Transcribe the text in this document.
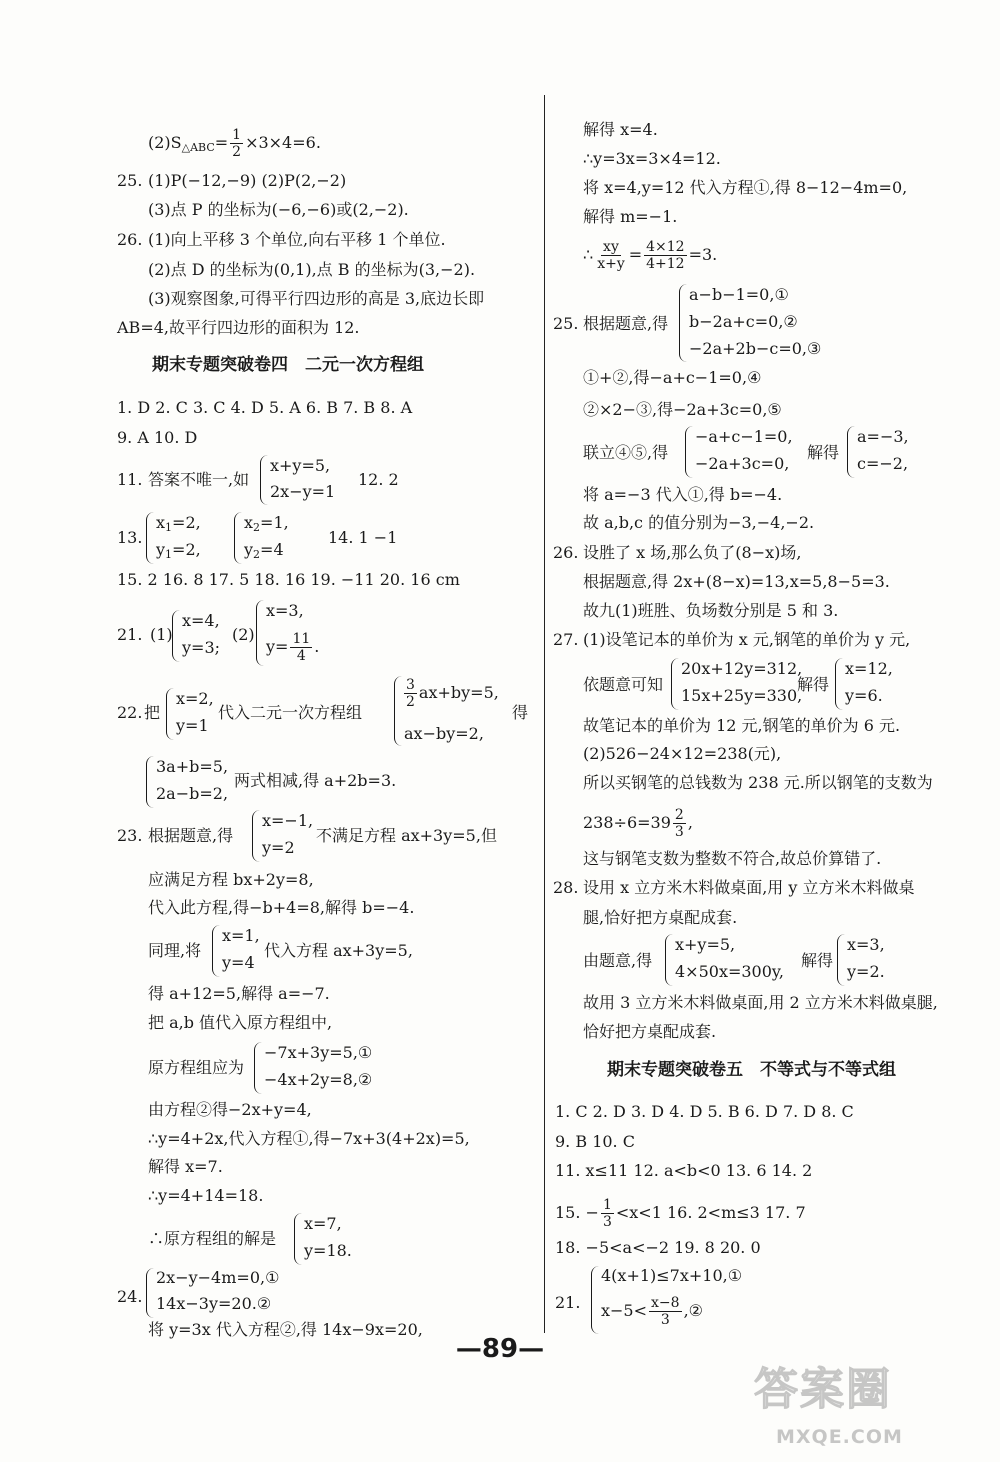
$(2)S_{\triangle ABC}= \frac{1}{2} \times 3\times 4=6$.
25. (1)P(−12,−9) (2)P(2,−2)
(3)点 P 的坐标为(−6,−6)或(2,−2).
26. (1)向上平移 3 个单位,向右平移 1 个单位.
(2)点 D 的坐标为(0,1),点 B 的坐标为(3,−2).
(3)观察图象,可得平行四边形的高是 3,底边长即
AB=4,故平行四边形的面积为 12.
期末专题突破卷四　二元一次方程组
1. D 2. C 3. C 4. D 5. A 6. B 7. B 8. A
9. A 10. D
11. 答案不唯一,如
x+y=5,
2x−y=1
12. 2
13.
$x_1=2$,
$y_1=2$,
$x_2=1$,
$y_2=4$
14. 1 −1
15. 2 16. 8 17. 5 18. 16 19. −11 20. 16 cm
21. (1)
x=4,
y=3;
(2)
x=3,
$y= \frac{11}{4}$ .
22. 把
x=2,
y=1
代入二元一次方程组
$\frac{3}{2} ax+by=5$,
ax−by=2,
得
3a+b=5,
2a−b=2,
两式相减,得 a+2b=3.
23. 根据题意,得
x=−1,
y=2
不满足方程 ax+3y=5,但
应满足方程 bx+2y=8,
代入此方程,得−b+4=8,解得 b=−4.
同理,将
x=1,
y=4
代入方程 ax+3y=5,
得 a+12=5,解得 a=−7.
把 a,b 值代入原方程组中,
原方程组应为
−7x+3y=5,①
−4x+2y=8,②
由方程②得−2x+y=4,
∴y=4+2x,代入方程①,得−7x+3(4+2x)=5,
解得 x=7.
∴y=4+14=18.
∴原方程组的解是
x=7,
y=18.
24.
2x−y−4m=0,①
14x−3y=20.②
将 y=3x 代入方程②,得 14x−9x=20,
解得 x=4.
∴y=3x=3×4=12.
将 x=4,y=12 代入方程①,得 8−12−4m=0,
解得 m=−1.
∴ $\frac{xy}{x+y} = \frac{4\times 12}{4+12} =3$.
25. 根据题意,得
a−b−1=0,①
b−2a+c=0,②
−2a+2b−c=0,③
①+②,得−a+c−1=0,④
②×2−③,得−2a+3c=0,⑤
联立④⑤,得
−a+c−1=0,
−2a+3c=0,
解得
a=−3,
c=−2,
将 a=−3 代入①,得 b=−4.
故 a,b,c 的值分别为−3,−4,−2.
26. 设胜了 x 场,那么负了(8−x)场,
根据题意,得 2x+(8−x)=13,x=5,8−5=3.
故九(1)班胜、负场数分别是 5 和 3.
27. (1)设笔记本的单价为 x 元,钢笔的单价为 y 元,
依题意可知
20x+12y=312,
15x+25y=330,
解得
x=12,
y=6.
故笔记本的单价为 12 元,钢笔的单价为 6 元.
(2)526−24×12=238(元),
所以买钢笔的总钱数为 238 元.所以钢笔的支数为
$238\div 6=39 \frac{2}{3}$ ,
这与钢笔支数为整数不符合,故总价算错了.
28. 设用 x 立方米木料做桌面,用 y 立方米木料做桌
腿,恰好把方桌配成套.
由题意,得
x+y=5,
4×50x=300y,
解得
x=3,
y=2.
故用 3 立方米木料做桌面,用 2 立方米木料做桌腿,
恰好把方桌配成套.
期末专题突破卷五　不等式与不等式组
1. C 2. D 3. D 4. D 5. B 6. D 7. D 8. C
9. B 10. C
11. x≤11 12. a<b<0 13. 6 14. 2
15. − $\frac{1}{3} <x<1$ 16. 2<m≤3 17. 7
18. −5<a<−2 19. 8 20. 0
21.
4(x+1)≤7x+10,①
$x-5< \frac{x-8}{3}$ ,②
—89—
答案圈
MXQE.COM
